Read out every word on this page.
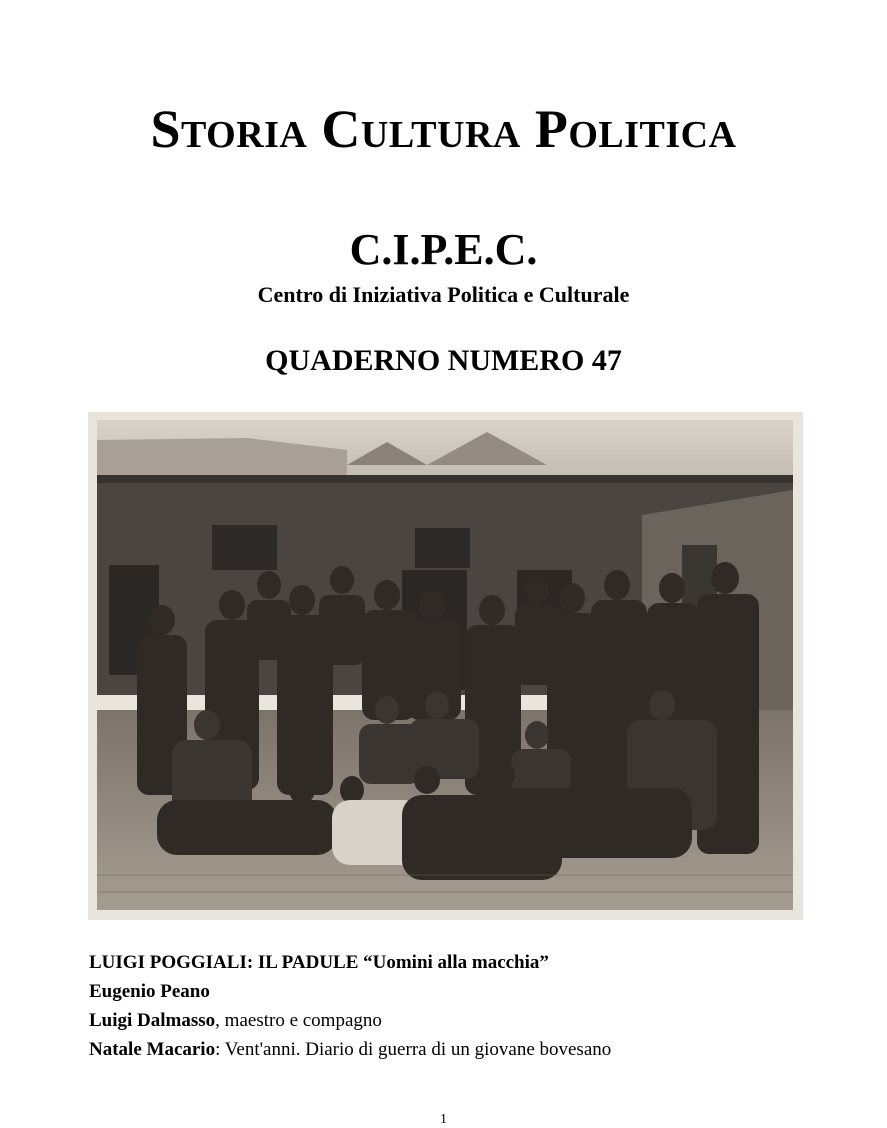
Storia Cultura Politica
C.I.P.E.C.
Centro di Iniziativa Politica e Culturale
QUADERNO NUMERO 47
LUIGI POGGIALI: IL PADULE “Uomini alla macchia”
Eugenio Peano
Luigi Dalmasso, maestro e compagno
Natale Macario: Vent'anni. Diario di guerra di un giovane bovesano
1
